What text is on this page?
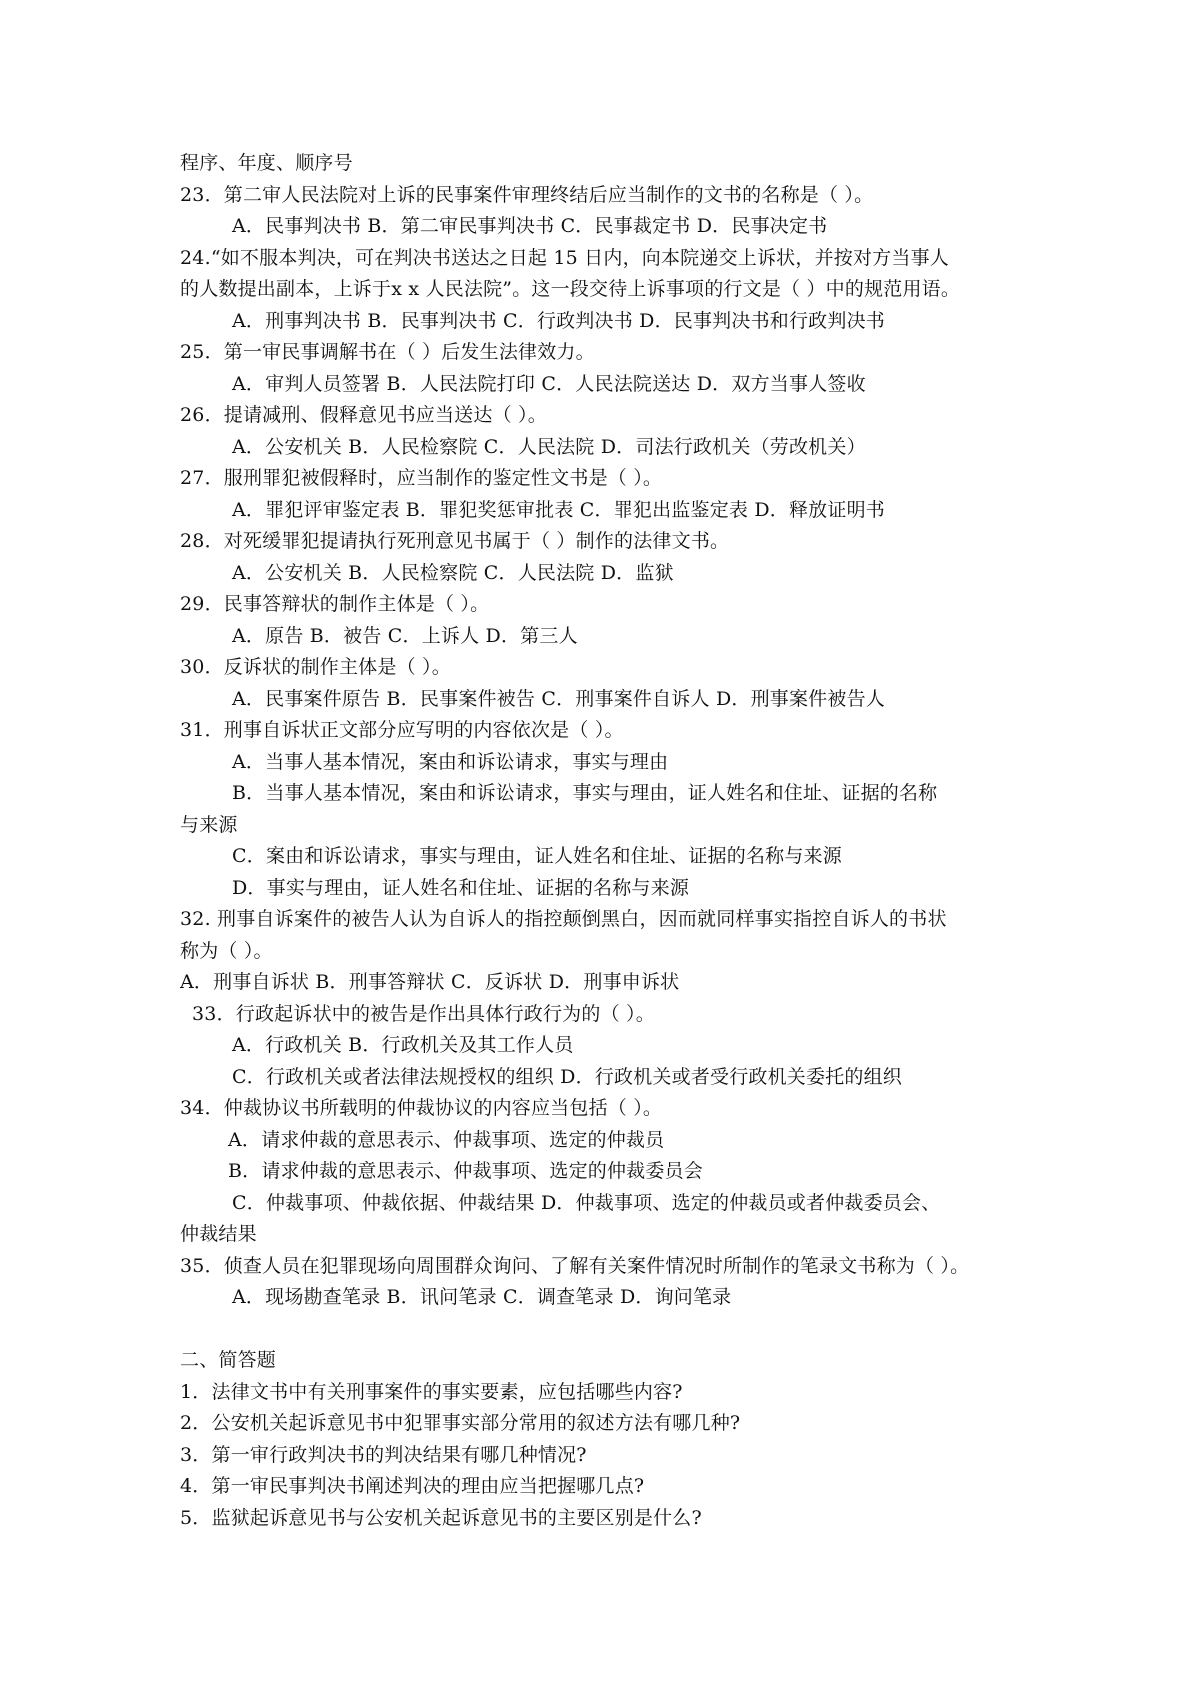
程序、年度、顺序号
23．第二审人民法院对上诉的民事案件审理终结后应当制作的文书的名称是（ ）。
A．民事判决书 B．第二审民事判决书 C．民事裁定书 D．民事决定书
24.“如不服本判决，可在判决书送达之日起 15 日内，向本院递交上诉状，并按对方当事人
的人数提出副本，上诉于x x 人民法院”。这一段交待上诉事项的行文是（ ）中的规范用语。
A．刑事判决书 B．民事判决书 C．行政判决书 D．民事判决书和行政判决书
25．第一审民事调解书在（ ）后发生法律效力。
A．审判人员签署 B．人民法院打印 C．人民法院送达 D．双方当事人签收
26．提请减刑、假释意见书应当送达（ ）。
A．公安机关 B．人民检察院 C．人民法院 D．司法行政机关（劳改机关）
27．服刑罪犯被假释时，应当制作的鉴定性文书是（ ）。
A．罪犯评审鉴定表 B．罪犯奖惩审批表 C．罪犯出监鉴定表 D．释放证明书
28．对死缓罪犯提请执行死刑意见书属于（ ）制作的法律文书。
A．公安机关 B．人民检察院 C．人民法院 D．监狱
29．民事答辩状的制作主体是（ ）。
A．原告 B．被告 C．上诉人 D．第三人
30．反诉状的制作主体是（ ）。
A．民事案件原告 B．民事案件被告 C．刑事案件自诉人 D．刑事案件被告人
31．刑事自诉状正文部分应写明的内容依次是（ ）。
A．当事人基本情况，案由和诉讼请求，事实与理由
B．当事人基本情况，案由和诉讼请求，事实与理由，证人姓名和住址、证据的名称
与来源
C．案由和诉讼请求，事实与理由，证人姓名和住址、证据的名称与来源
D．事实与理由，证人姓名和住址、证据的名称与来源
32. 刑事自诉案件的被告人认为自诉人的指控颠倒黑白，因而就同样事实指控自诉人的书状
称为（ ）。
A．刑事自诉状 B．刑事答辩状 C．反诉状 D．刑事申诉状
33．行政起诉状中的被告是作出具体行政行为的（ ）。
A．行政机关 B．行政机关及其工作人员
C．行政机关或者法律法规授权的组织 D．行政机关或者受行政机关委托的组织
34．仲裁协议书所载明的仲裁协议的内容应当包括（ ）。
A．请求仲裁的意思表示、仲裁事项、选定的仲裁员
B．请求仲裁的意思表示、仲裁事项、选定的仲裁委员会
C．仲裁事项、仲裁依据、仲裁结果 D．仲裁事项、选定的仲裁员或者仲裁委员会、
仲裁结果
35．侦查人员在犯罪现场向周围群众询问、了解有关案件情况时所制作的笔录文书称为（ ）。
A．现场勘查笔录 B．讯问笔录 C．调查笔录 D．询问笔录
二、简答题
1．法律文书中有关刑事案件的事实要素，应包括哪些内容?
2．公安机关起诉意见书中犯罪事实部分常用的叙述方法有哪几种?
3．第一审行政判决书的判决结果有哪几种情况?
4．第一审民事判决书阐述判决的理由应当把握哪几点?
5．监狱起诉意见书与公安机关起诉意见书的主要区别是什么?
